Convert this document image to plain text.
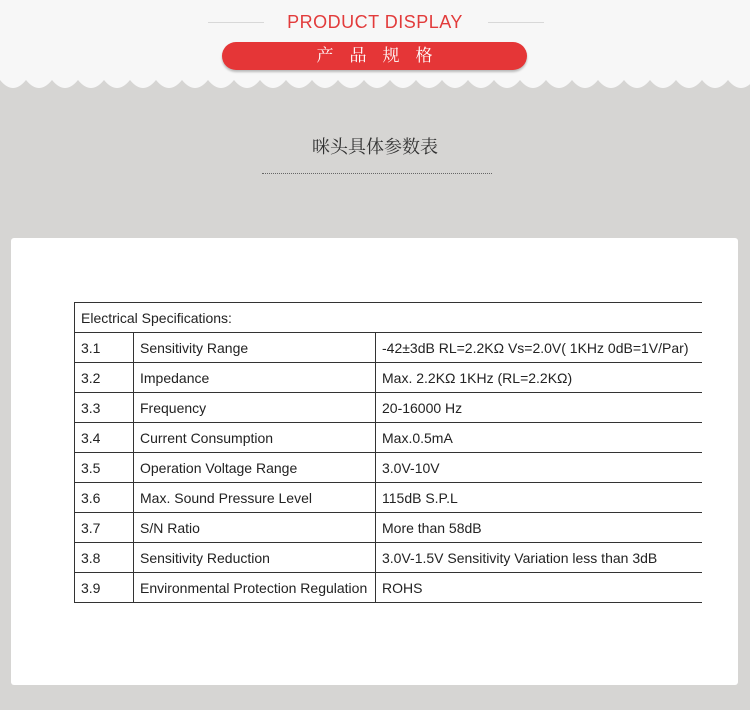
PRODUCT DISPLAY
产品规格
咪头具体参数表
Electrical Specifications:		
3.1	Sensitivity Range	-42±3dB RL=2.2KΩ Vs=2.0V( 1KHz 0dB=1V/Par)
3.2	Impedance	Max. 2.2KΩ 1KHz (RL=2.2KΩ)
3.3	Frequency	20-16000 Hz
3.4	Current Consumption	Max.0.5mA
3.5	Operation Voltage Range	3.0V-10V
3.6	Max. Sound Pressure Level	115dB S.P.L
3.7	S/N Ratio	More than 58dB
3.8	Sensitivity Reduction	3.0V-1.5V Sensitivity Variation less than 3dB
3.9	Environmental Protection Regulation	ROHS
